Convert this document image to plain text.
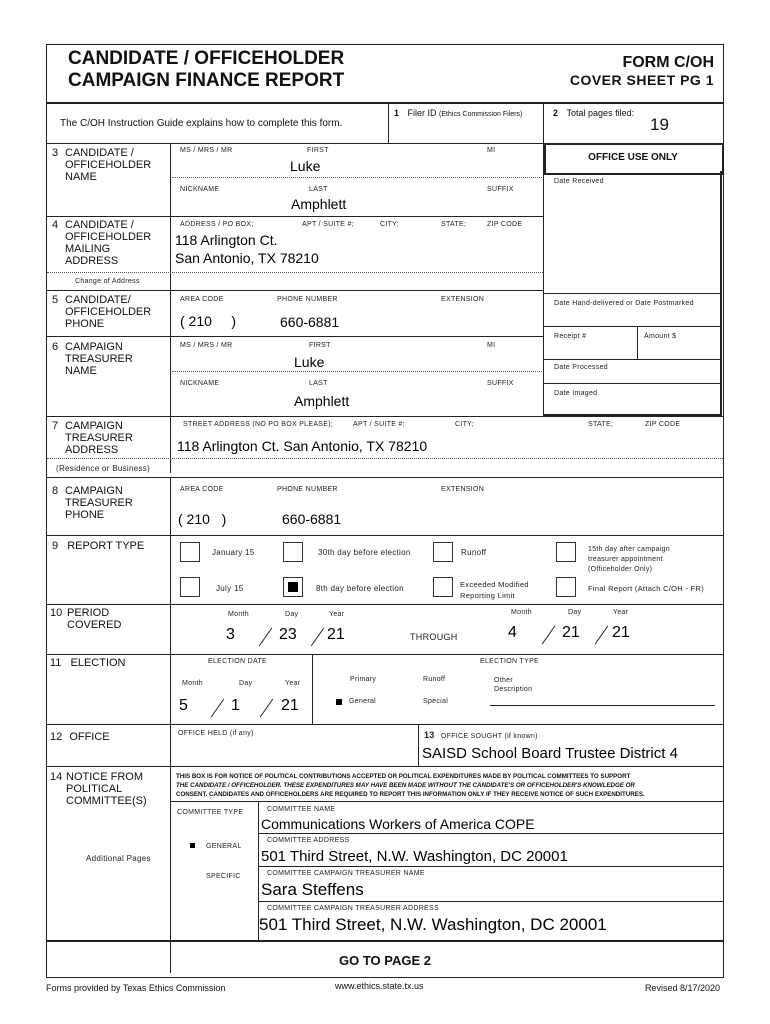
CANDIDATE / OFFICEHOLDER
CAMPAIGN FINANCE REPORT
FORM C/OH
COVER SHEET PG 1
The C/OH Instruction Guide explains how to complete this form.
1 Filer ID (Ethics Commission Filers)	2 Total pages filed:
19
OFFICE USE ONLY
Date Received
Date Hand-delivered or Date Postmarked
Receipt #	Amount $
Date Processed
Date Imaged
3 CANDIDATE / OFFICEHOLDER NAME
MS / MRS / MR	FIRST	MI
Luke
NICKNAME	LAST	SUFFIX
Amphlett
4 CANDIDATE / OFFICEHOLDER MAILING ADDRESS
ADDRESS / PO BOX;	APT / SUITE #;	CITY;	STATE;	ZIP CODE
118 Arlington Ct.
San Antonio, TX 78210
Change of Address
5 CANDIDATE/ OFFICEHOLDER PHONE
AREA CODE	PHONE NUMBER	EXTENSION
( 210     )	660-6881
6 CAMPAIGN TREASURER NAME
MS / MRS / MR	FIRST	MI
Luke
NICKNAME	LAST	SUFFIX
Amphlett
7 CAMPAIGN TREASURER ADDRESS
STREET ADDRESS (NO PO BOX PLEASE);	APT / SUITE #;	CITY;	STATE;	ZIP CODE
118 Arlington Ct. San Antonio, TX 78210
(Residence or Business)
8 CAMPAIGN TREASURER PHONE
AREA CODE	PHONE NUMBER	EXTENSION
( 210   )	660-6881
9 REPORT TYPE
January 15	30th day before election	Runoff	15th day after campaign treasurer appointment (Officeholder Only)
July 15	8th day before election	Exceeded Modified Reporting Limit
Final Report (Attach C/OH - FR)
10 PERIOD COVERED
Month	Day	Year
3	23 21	THROUGH
Month	Day	Year
4	21 21
11 ELECTION	ELECTION DATE	ELECTION TYPE
Month	Day	Year
5	1	21
Primary	Runoff	Other Description
General	Special
12 OFFICE	OFFICE HELD (if any)	13 OFFICE SOUGHT (if known)
SAISD School Board Trustee District 4
14 NOTICE FROM POLITICAL COMMITTEE(S)
THIS BOX IS FOR NOTICE OF POLITICAL CONTRIBUTIONS ACCEPTED OR POLITICAL EXPENDITURES MADE BY POLITICAL COMMITTEES TO SUPPORT
THE CANDIDATE / OFFICEHOLDER. THESE EXPENDITURES MAY HAVE BEEN MADE WITHOUT THE CANDIDATE'S OR OFFICEHOLDER'S KNOWLEDGE OR
CONSENT. CANDIDATES AND OFFICEHOLDERS ARE REQUIRED TO REPORT THIS INFORMATION ONLY IF THEY RECEIVE NOTICE OF SUCH EXPENDITURES.
COMMITTEE TYPE
GENERAL
SPECIFIC
Additional Pages
COMMITTEE NAME
Communications Workers of America COPE
COMMITTEE ADDRESS
501 Third Street, N.W. Washington, DC 20001
COMMITTEE CAMPAIGN TREASURER NAME
Sara Steffens
COMMITTEE CAMPAIGN TREASURER ADDRESS
501 Third Street, N.W. Washington, DC 20001
GO TO PAGE 2
Forms provided by Texas Ethics Commission	www.ethics.state.tx.us	Revised 8/17/2020
